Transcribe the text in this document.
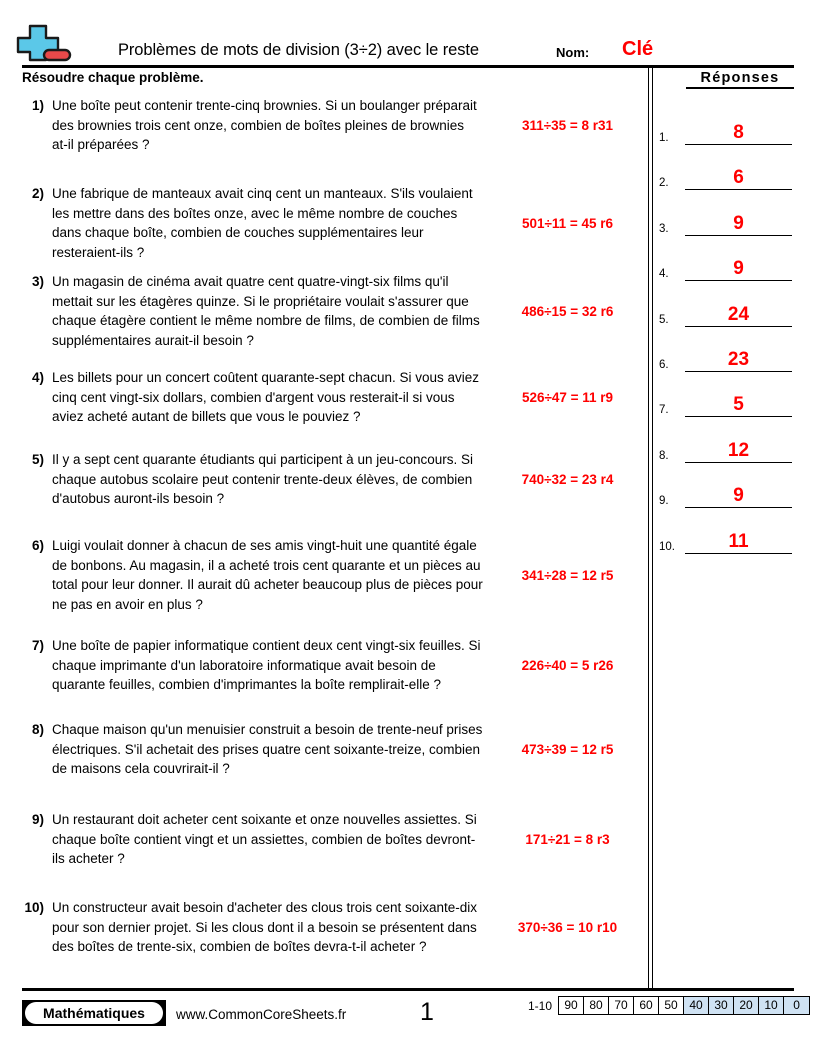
Problèmes de mots de division (3÷2) avec le reste	Nom: Clé
Résoudre chaque problème.	Réponses
1) Une boîte peut contenir trente-cinq brownies. Si un boulanger préparait des brownies trois cent onze, combien de boîtes pleines de brownies at-il préparées ?
311÷35 = 8 r31
2) Une fabrique de manteaux avait cinq cent un manteaux. S'ils voulaient les mettre dans des boîtes onze, avec le même nombre de couches dans chaque boîte, combien de couches supplémentaires leur resteraient-ils ?
501÷11 = 45 r6
3) Un magasin de cinéma avait quatre cent quatre-vingt-six films qu'il mettait sur les étagères quinze. Si le propriétaire voulait s'assurer que chaque étagère contient le même nombre de films, de combien de films supplémentaires aurait-il besoin ?
486÷15 = 32 r6
4) Les billets pour un concert coûtent quarante-sept chacun. Si vous aviez cinq cent vingt-six dollars, combien d'argent vous resterait-il si vous aviez acheté autant de billets que vous le pouviez ?
526÷47 = 11 r9
5) Il y a sept cent quarante étudiants qui participent à un jeu-concours. Si chaque autobus scolaire peut contenir trente-deux élèves, de combien d'autobus auront-ils besoin ?
740÷32 = 23 r4
6) Luigi voulait donner à chacun de ses amis vingt-huit une quantité égale de bonbons. Au magasin, il a acheté trois cent quarante et un pièces au total pour leur donner. Il aurait dû acheter beaucoup plus de pièces pour ne pas en avoir en plus ?
341÷28 = 12 r5
7) Une boîte de papier informatique contient deux cent vingt-six feuilles. Si chaque imprimante d'un laboratoire informatique avait besoin de quarante feuilles, combien d'imprimantes la boîte remplirait-elle ?
226÷40 = 5 r26
8) Chaque maison qu'un menuisier construit a besoin de trente-neuf prises électriques. S'il achetait des prises quatre cent soixante-treize, combien de maisons cela couvrirait-il ?
473÷39 = 12 r5
9) Un restaurant doit acheter cent soixante et onze nouvelles assiettes. Si chaque boîte contient vingt et un assiettes, combien de boîtes devront-ils acheter ?
171÷21 = 8 r3
10) Un constructeur avait besoin d'acheter des clous trois cent soixante-dix pour son dernier projet. Si les clous dont il a besoin se présentent dans des boîtes de trente-six, combien de boîtes devra-t-il acheter ?
370÷36 = 10 r10
1.	8
2.	6
3.	9
4.	9
5.	24
6.	23
7.	5
8.	12
9.	9
10.	11
Mathématiques www.CommonCoreSheets.fr	1	1-10	90 80 70 60 50 40 30 20 10	0
